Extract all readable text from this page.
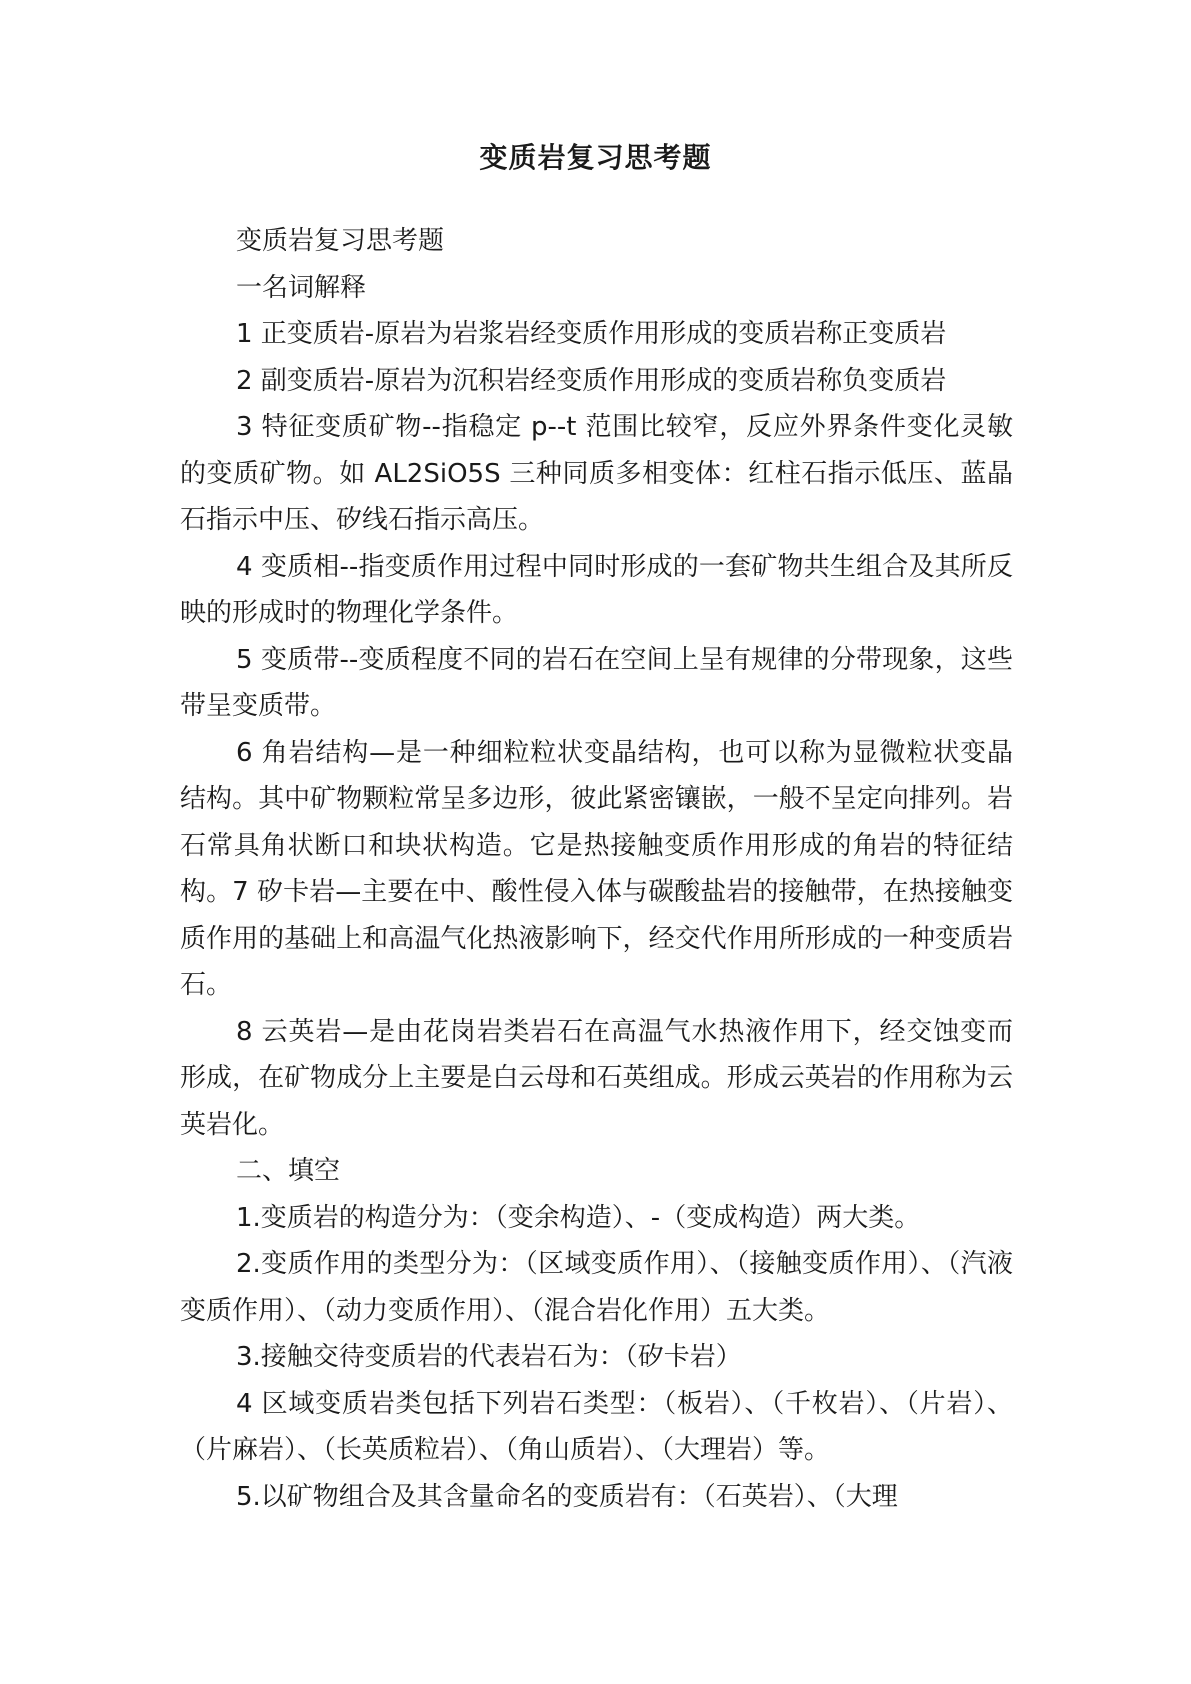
变质岩复习思考题

变质岩复习思考题

一名词解释

1 正变质岩-原岩为岩浆岩经变质作用形成的变质岩称正变质岩

2 副变质岩-原岩为沉积岩经变质作用形成的变质岩称负变质岩

3 特征变质矿物--指稳定 p--t 范围比较窄，反应外界条件变化灵敏的变质矿物。如 AL2SiO5S 三种同质多相变体：红柱石指示低压、蓝晶石指示中压、矽线石指示高压。

4 变质相--指变质作用过程中同时形成的一套矿物共生组合及其所反映的形成时的物理化学条件。

5 变质带--变质程度不同的岩石在空间上呈有规律的分带现象，这些带呈变质带。

6 角岩结构—是一种细粒粒状变晶结构，也可以称为显微粒状变晶结构。其中矿物颗粒常呈多边形，彼此紧密镶嵌，一般不呈定向排列。岩石常具角状断口和块状构造。它是热接触变质作用形成的角岩的特征结构。7 矽卡岩—主要在中、酸性侵入体与碳酸盐岩的接触带，在热接触变质作用的基础上和高温气化热液影响下，经交代作用所形成的一种变质岩石。

8 云英岩—是由花岗岩类岩石在高温气水热液作用下，经交蚀变而形成，在矿物成分上主要是白云母和石英组成。形成云英岩的作用称为云英岩化。

二、填空

1.变质岩的构造分为：（变余构造）、-（变成构造）两大类。

2.变质作用的类型分为：（区域变质作用）、（接触变质作用）、（汽液变质作用）、（动力变质作用）、（混合岩化作用）五大类。

3.接触交待变质岩的代表岩石为：（矽卡岩）

4 区域变质岩类包括下列岩石类型：（板岩）、（千枚岩）、（片岩）、（片麻岩）、（长英质粒岩）、（角山质岩）、（大理岩）等。

5.以矿物组合及其含量命名的变质岩有：（石英岩）、（大理
